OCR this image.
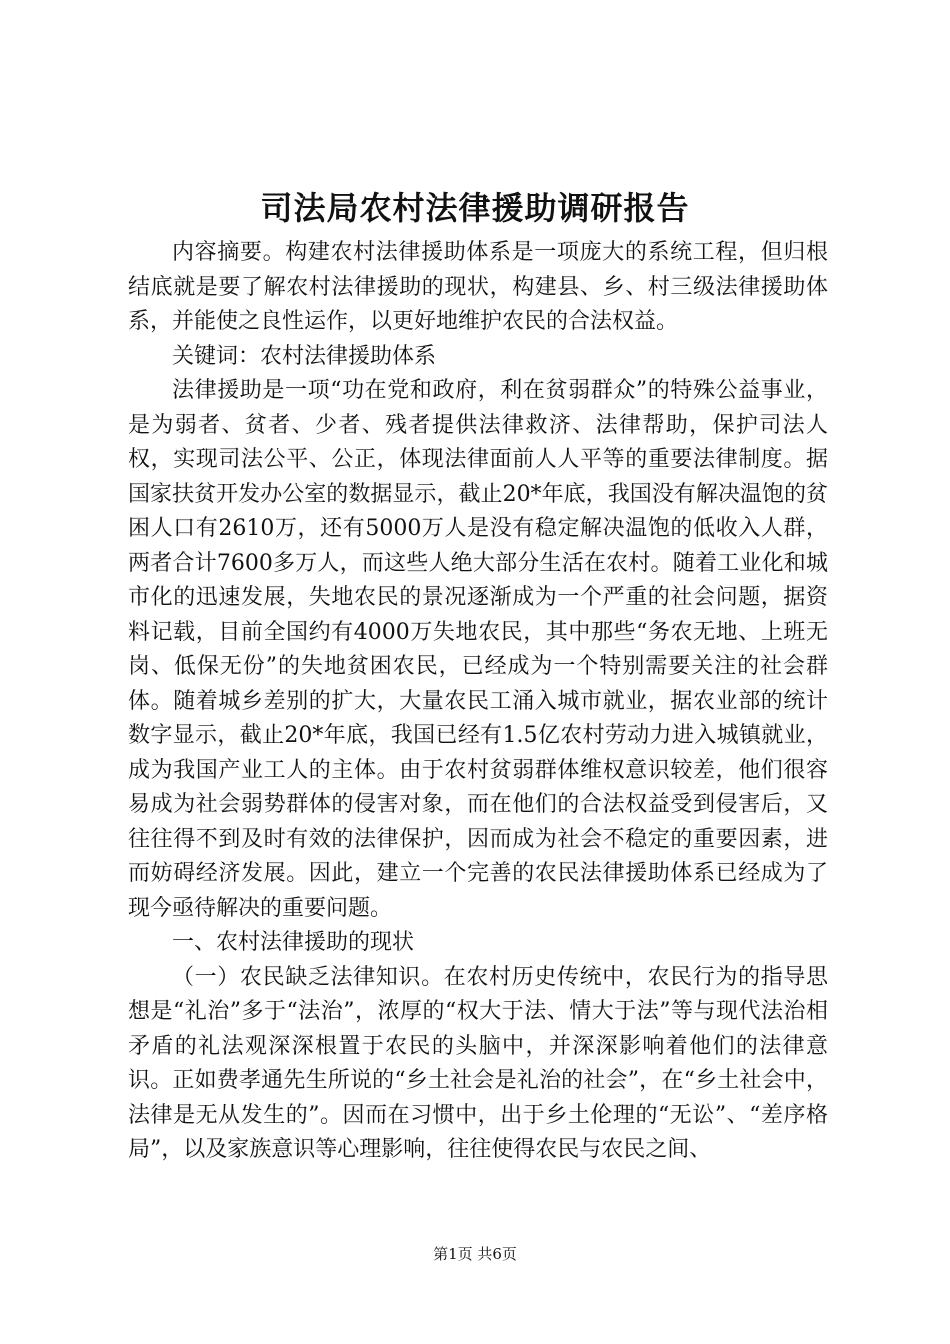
司法局农村法律援助调研报告

内容摘要。构建农村法律援助体系是一项庞大的系统工程，但归根结底就是要了解农村法律援助的现状，构建县、乡、村三级法律援助体系，并能使之良性运作，以更好地维护农民的合法权益。

关键词：农村法律援助体系

法律援助是一项“功在党和政府，利在贫弱群众”的特殊公益事业，是为弱者、贫者、少者、残者提供法律救济、法律帮助，保护司法人权，实现司法公平、公正，体现法律面前人人平等的重要法律制度。据国家扶贫开发办公室的数据显示，截止20*年底，我国没有解决温饱的贫困人口有2610万，还有5000万人是没有稳定解决温饱的低收入人群，两者合计7600多万人，而这些人绝大部分生活在农村。随着工业化和城市化的迅速发展，失地农民的景况逐渐成为一个严重的社会问题，据资料记载，目前全国约有4000万失地农民，其中那些“务农无地、上班无岗、低保无份”的失地贫困农民，已经成为一个特别需要关注的社会群体。随着城乡差别的扩大，大量农民工涌入城市就业，据农业部的统计数字显示，截止20*年底，我国已经有1.5亿农村劳动力进入城镇就业，成为我国产业工人的主体。由于农村贫弱群体维权意识较差，他们很容易成为社会弱势群体的侵害对象，而在他们的合法权益受到侵害后，又往往得不到及时有效的法律保护，因而成为社会不稳定的重要因素，进而妨碍经济发展。因此，建立一个完善的农民法律援助体系已经成为了现今亟待解决的重要问题。

一、农村法律援助的现状

（一）农民缺乏法律知识。在农村历史传统中，农民行为的指导思想是“礼治”多于“法治”，浓厚的“权大于法、情大于法”等与现代法治相矛盾的礼法观深深根置于农民的头脑中，并深深影响着他们的法律意识。正如费孝通先生所说的“乡土社会是礼治的社会”，在“乡土社会中，法律是无从发生的”。因而在习惯中，出于乡土伦理的“无讼”、“差序格局”，以及家族意识等心理影响，往往使得农民与农民之间、

第1页 共6页
